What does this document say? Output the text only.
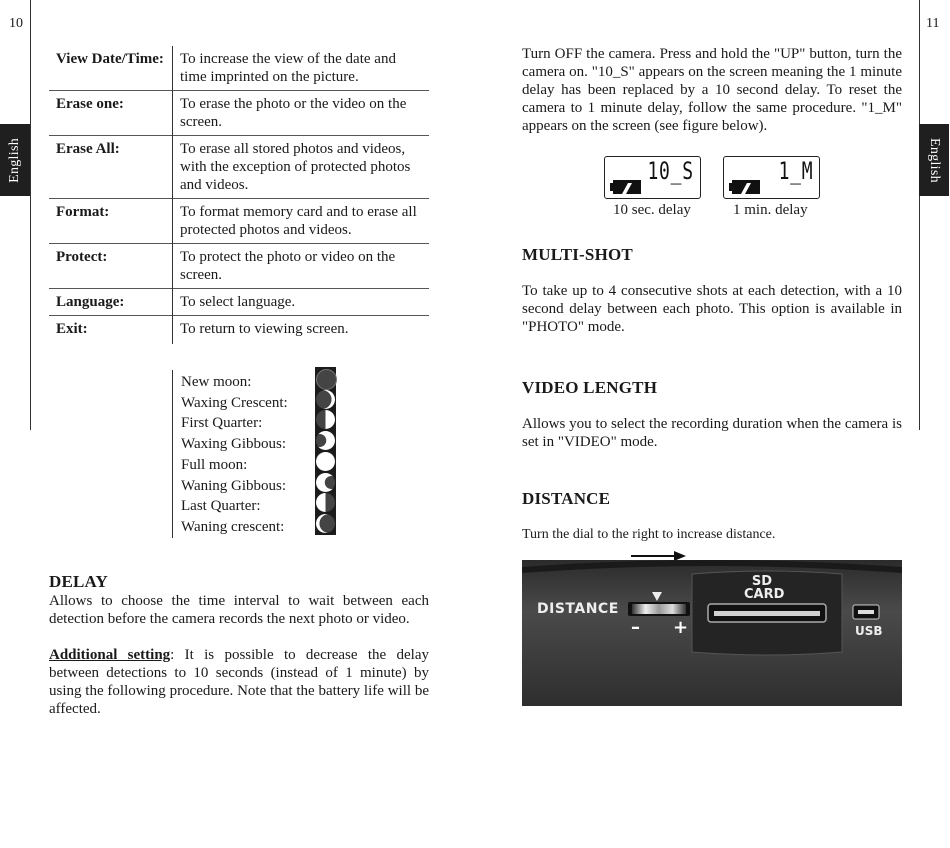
10	11
English	English
View Date/Time:	To increase the view of the date and time imprinted on the picture.
Erase one:	To erase the photo or the video on the screen.
Erase All:	To erase all stored photos and videos, with the exception of protected photos and videos.
Format:	To format memory card and to erase all protected photos and videos.
Protect:	To protect the photo or video on the screen.
Language:	To select language.
Exit:	To return to viewing screen.
New moon:
Waxing Crescent:
First Quarter:
Waxing Gibbous:
Full moon:
Waning Gibbous:
Last Quarter:
Waning crescent:
DELAY

Allows to choose the time interval to wait between each detection before the camera records the next photo or video.

Additional setting: It is possible to decrease the delay between detections to 10 seconds (instead of 1 minute) by using the following procedure. Note that the battery life will be affected.

Turn OFF the camera. Press and hold the "UP" button, turn the camera on. "10_S" appears on the screen meaning the 1 minute delay has been replaced by a 10 second delay. To reset the camera to 1 minute delay, follow the same procedure. "1_M" appears on the screen (see figure below).

10_S	1_M
10 sec. delay	1 min. delay
MULTI-SHOT

To take up to 4 consecutive shots at each detection, with a 10 second delay between each photo. This option is available in "PHOTO" mode.

VIDEO LENGTH

Allows you to select the recording duration when the camera is set in "VIDEO" mode.

DISTANCE

Turn the dial to the right to increase distance.

DISTANCE
– +
SD
CARD
USB
